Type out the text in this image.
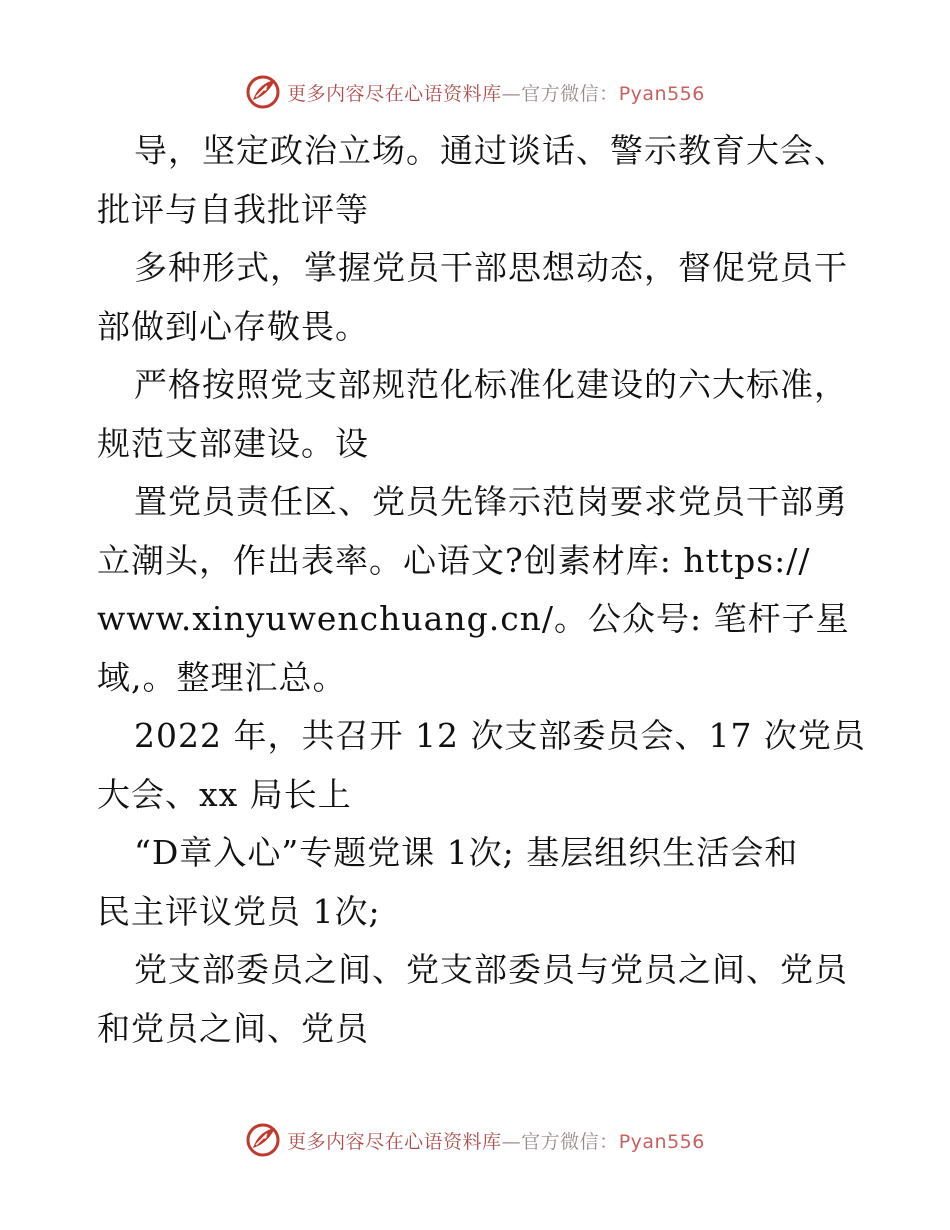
更多内容尽在心语资料库—官方微信：Pyan556
导，坚定政治立场。通过谈话、警示教育大会、
批评与自我批评等
多种形式，掌握党员干部思想动态，督促党员干
部做到心存敬畏。
严格按照党支部规范化标准化建设的六大标准，
规范支部建设。设
置党员责任区、党员先锋示范岗要求党员干部勇
立潮头，作出表率。心语文?创素材库: https://
www.xinyuwenchuang.cn/。公众号: 笔杆子星
域,。整理汇总。
2022 年，共召开 12 次支部委员会、17 次党员
大会、xx 局长上
“D章入心”专题党课 1次; 基层组织生活会和
民主评议党员 1次;
党支部委员之间、党支部委员与党员之间、党员
和党员之间、党员
更多内容尽在心语资料库—官方微信：Pyan556
